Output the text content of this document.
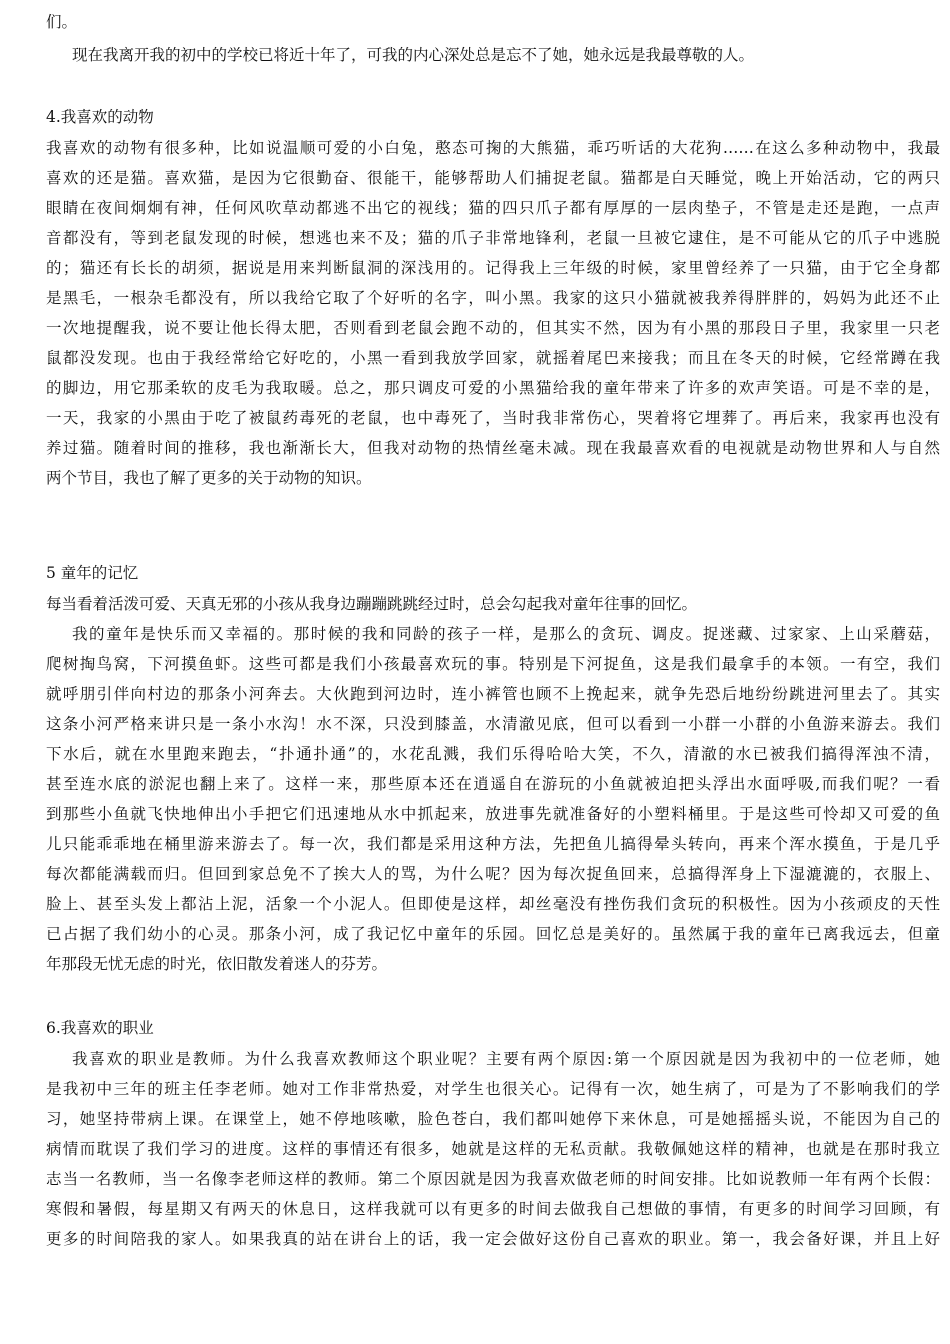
们。
现在我离开我的初中的学校已将近十年了，可我的内心深处总是忘不了她，她永远是我最尊敬的人。
4.我喜欢的动物
我喜欢的动物有很多种，比如说温顺可爱的小白兔，憨态可掬的大熊猫，乖巧听话的大花狗……在这么多种动物中，我最
喜欢的还是猫。喜欢猫，是因为它很勤奋、很能干，能够帮助人们捕捉老鼠。猫都是白天睡觉，晚上开始活动，它的两只
眼睛在夜间炯炯有神，任何风吹草动都逃不出它的视线；猫的四只爪子都有厚厚的一层肉垫子，不管是走还是跑，一点声
音都没有，等到老鼠发现的时候，想逃也来不及；猫的爪子非常地锋利，老鼠一旦被它逮住，是不可能从它的爪子中逃脱
的；猫还有长长的胡须，据说是用来判断鼠洞的深浅用的。记得我上三年级的时候，家里曾经养了一只猫，由于它全身都
是黑毛，一根杂毛都没有，所以我给它取了个好听的名字，叫小黑。我家的这只小猫就被我养得胖胖的，妈妈为此还不止
一次地提醒我，说不要让他长得太肥，否则看到老鼠会跑不动的，但其实不然，因为有小黑的那段日子里，我家里一只老
鼠都没发现。也由于我经常给它好吃的，小黑一看到我放学回家，就摇着尾巴来接我；而且在冬天的时候，它经常蹲在我
的脚边，用它那柔软的皮毛为我取暖。总之，那只调皮可爱的小黑猫给我的童年带来了许多的欢声笑语。可是不幸的是，
一天，我家的小黑由于吃了被鼠药毒死的老鼠，也中毒死了，当时我非常伤心，哭着将它埋葬了。再后来，我家再也没有
养过猫。随着时间的推移，我也渐渐长大，但我对动物的热情丝毫未减。现在我最喜欢看的电视就是动物世界和人与自然
两个节目，我也了解了更多的关于动物的知识。
5 童年的记忆
每当看着活泼可爱、天真无邪的小孩从我身边蹦蹦跳跳经过时，总会勾起我对童年往事的回忆。
我的童年是快乐而又幸福的。那时候的我和同龄的孩子一样，是那么的贪玩、调皮。捉迷藏、过家家、上山采蘑菇，
爬树掏鸟窝，下河摸鱼虾。这些可都是我们小孩最喜欢玩的事。特别是下河捉鱼，这是我们最拿手的本领。一有空，我们
就呼朋引伴向村边的那条小河奔去。大伙跑到河边时，连小裤管也顾不上挽起来，就争先恐后地纷纷跳进河里去了。其实
这条小河严格来讲只是一条小水沟！水不深，只没到膝盖，水清澈见底，但可以看到一小群一小群的小鱼游来游去。我们
下水后，就在水里跑来跑去，“扑通扑通”的，水花乱溅，我们乐得哈哈大笑，不久，清澈的水已被我们搞得浑浊不清，
甚至连水底的淤泥也翻上来了。这样一来，那些原本还在逍遥自在游玩的小鱼就被迫把头浮出水面呼吸,而我们呢？一看
到那些小鱼就飞快地伸出小手把它们迅速地从水中抓起来，放进事先就准备好的小塑料桶里。于是这些可怜却又可爱的鱼
儿只能乖乖地在桶里游来游去了。每一次，我们都是采用这种方法，先把鱼儿搞得晕头转向，再来个浑水摸鱼，于是几乎
每次都能满载而归。但回到家总免不了挨大人的骂，为什么呢？因为每次捉鱼回来，总搞得浑身上下湿漉漉的，衣服上、
脸上、甚至头发上都沾上泥，活象一个小泥人。但即使是这样，却丝毫没有挫伤我们贪玩的积极性。因为小孩顽皮的天性
已占据了我们幼小的心灵。那条小河，成了我记忆中童年的乐园。回忆总是美好的。虽然属于我的童年已离我远去，但童
年那段无忧无虑的时光，依旧散发着迷人的芬芳。
6.我喜欢的职业
我喜欢的职业是教师。为什么我喜欢教师这个职业呢？主要有两个原因:第一个原因就是因为我初中的一位老师，她
是我初中三年的班主任李老师。她对工作非常热爱，对学生也很关心。记得有一次，她生病了，可是为了不影响我们的学
习，她坚持带病上课。在课堂上，她不停地咳嗽，脸色苍白，我们都叫她停下来休息，可是她摇摇头说，不能因为自己的
病情而耽误了我们学习的进度。这样的事情还有很多，她就是这样的无私贡献。我敬佩她这样的精神，也就是在那时我立
志当一名教师，当一名像李老师这样的教师。第二个原因就是因为我喜欢做老师的时间安排。比如说教师一年有两个长假：
寒假和暑假，每星期又有两天的休息日，这样我就可以有更多的时间去做我自己想做的事情，有更多的时间学习回顾，有
更多的时间陪我的家人。如果我真的站在讲台上的话，我一定会做好这份自己喜欢的职业。第一，我会备好课，并且上好
